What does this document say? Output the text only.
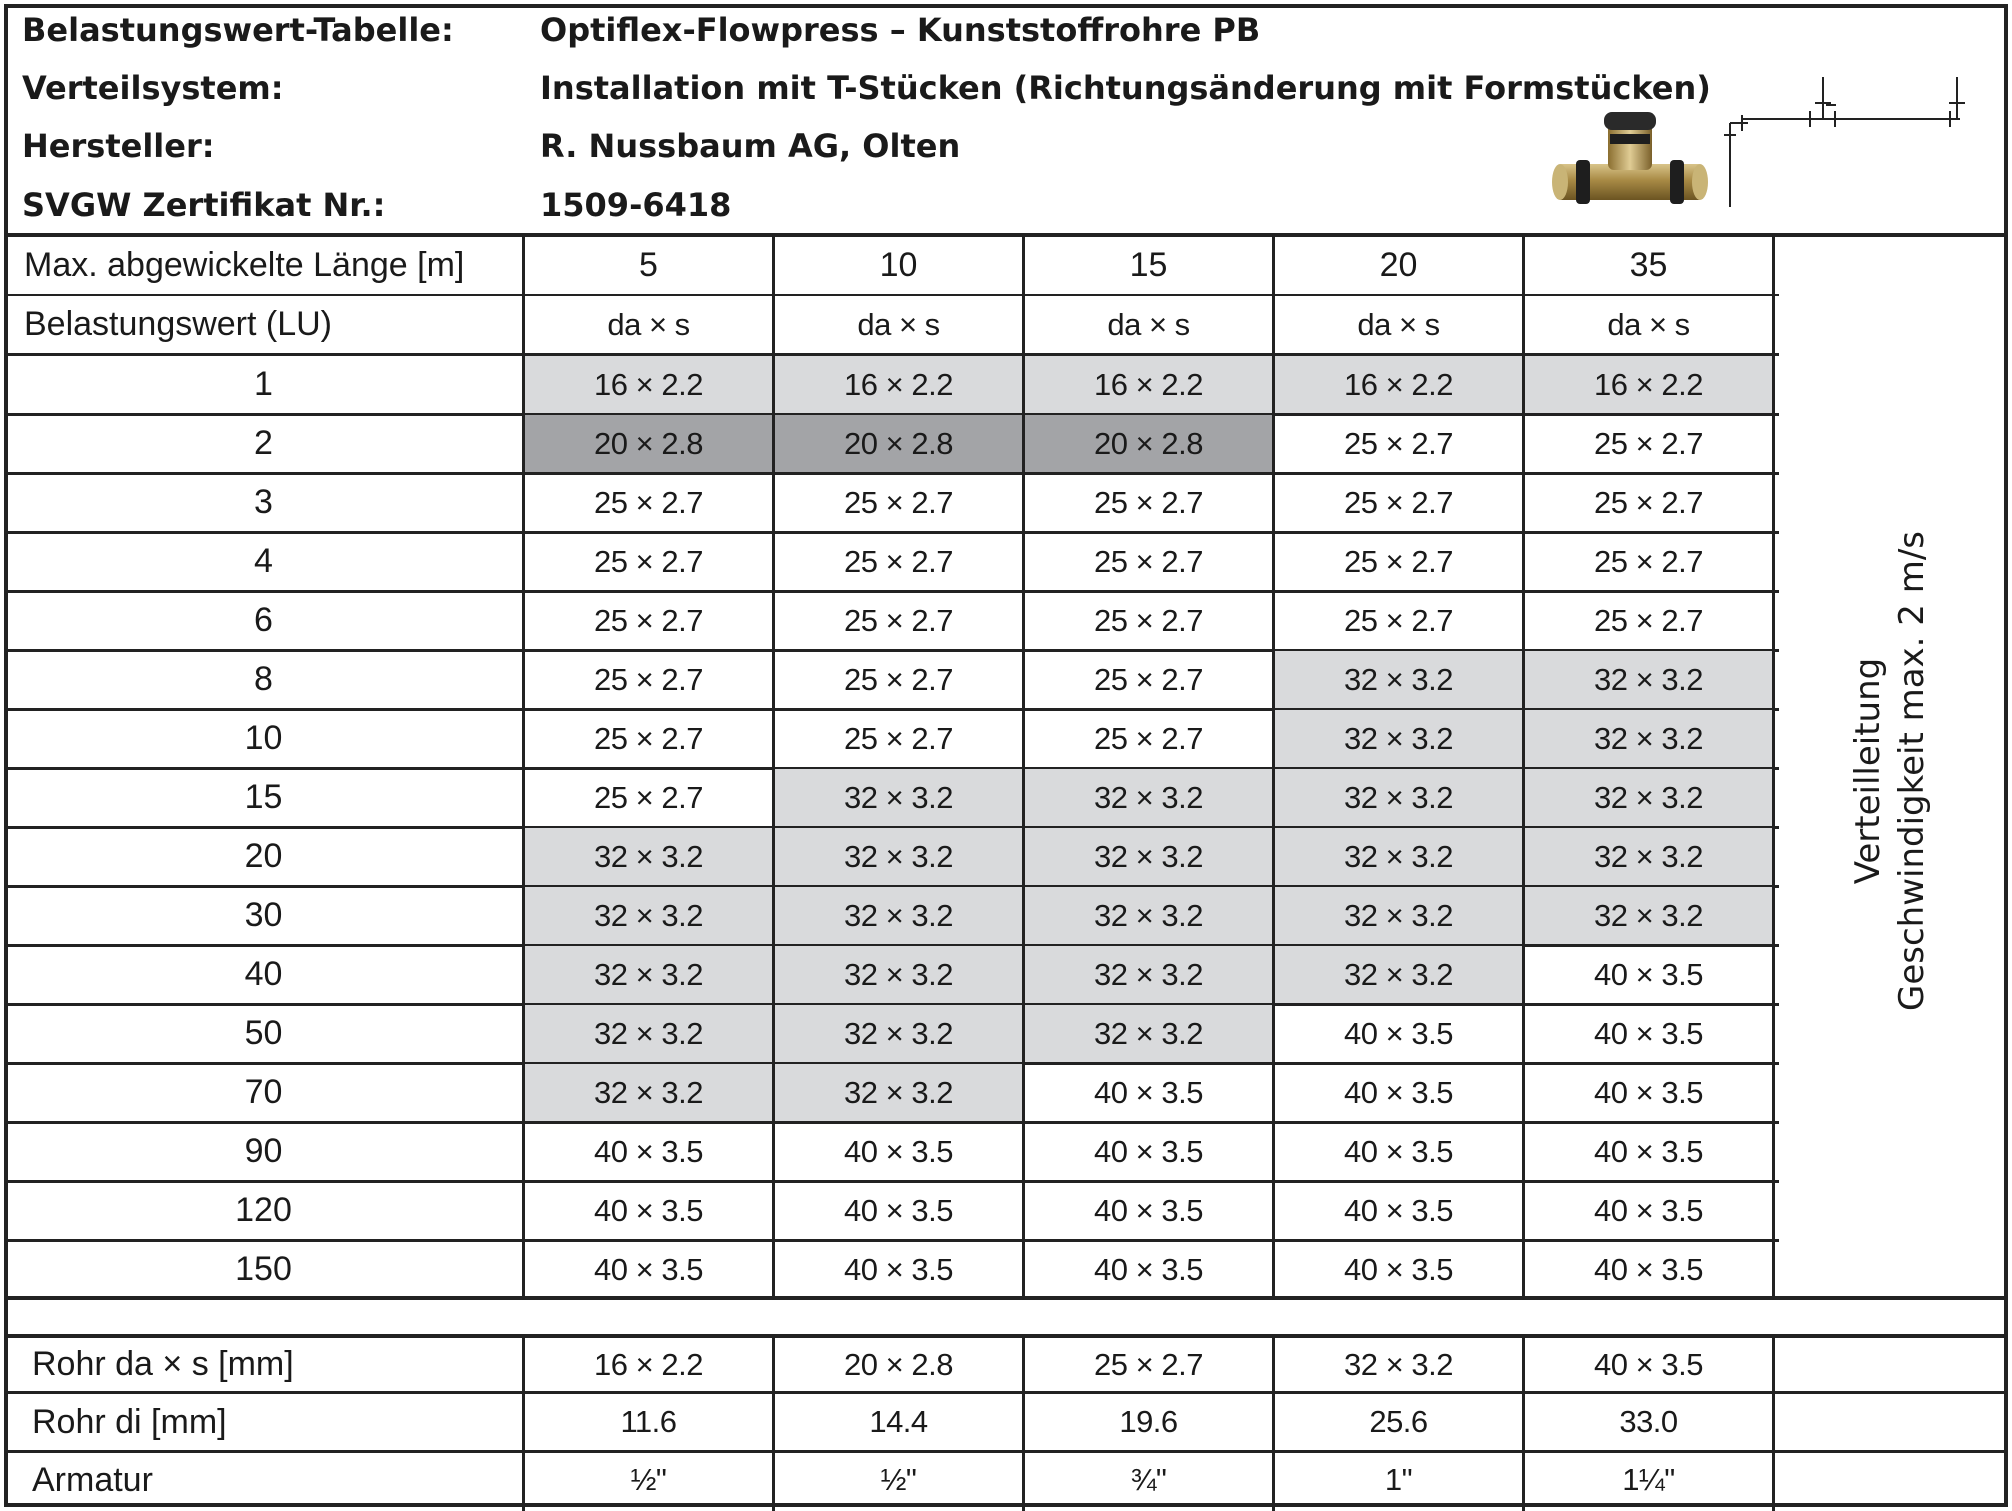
Belastungswert-Tabelle:	Optiflex-Flowpress – Kunststoffrohre PB
Verteilsystem:	Installation mit T-Stücken (Richtungsänderung mit Formstücken)
Hersteller:	R. Nussbaum AG, Olten
SVGW Zertifikat Nr.:	1509-6418
Max. abgewickelte Länge [m]	5	10	15	20	35
Belastungswert (LU)	da × s	da × s	da × s	da × s	da × s
1	16 × 2.2	16 × 2.2	16 × 2.2	16 × 2.2	16 × 2.2
2	20 × 2.8	20 × 2.8	20 × 2.8	25 × 2.7	25 × 2.7
3	25 × 2.7	25 × 2.7	25 × 2.7	25 × 2.7	25 × 2.7
4	25 × 2.7	25 × 2.7	25 × 2.7	25 × 2.7	25 × 2.7
6	25 × 2.7	25 × 2.7	25 × 2.7	25 × 2.7	25 × 2.7
8	25 × 2.7	25 × 2.7	25 × 2.7	32 × 3.2	32 × 3.2
10	25 × 2.7	25 × 2.7	25 × 2.7	32 × 3.2	32 × 3.2
15	25 × 2.7	32 × 3.2	32 × 3.2	32 × 3.2	32 × 3.2
20	32 × 3.2	32 × 3.2	32 × 3.2	32 × 3.2	32 × 3.2
30	32 × 3.2	32 × 3.2	32 × 3.2	32 × 3.2	32 × 3.2
40	32 × 3.2	32 × 3.2	32 × 3.2	32 × 3.2	40 × 3.5
50	32 × 3.2	32 × 3.2	32 × 3.2	40 × 3.5	40 × 3.5
70	32 × 3.2	32 × 3.2	40 × 3.5	40 × 3.5	40 × 3.5
90	40 × 3.5	40 × 3.5	40 × 3.5	40 × 3.5	40 × 3.5
120	40 × 3.5	40 × 3.5	40 × 3.5	40 × 3.5	40 × 3.5
150	40 × 3.5	40 × 3.5	40 × 3.5	40 × 3.5	40 × 3.5
Verteilleitung Geschwindigkeit max. 2 m/s
Rohr da × s [mm]	16 × 2.2	20 × 2.8	25 × 2.7	32 × 3.2	40 × 3.5
Rohr di [mm]	11.6	14.4	19.6	25.6	33.0
Armatur	½"	½"	¾"	1"	1¼"
